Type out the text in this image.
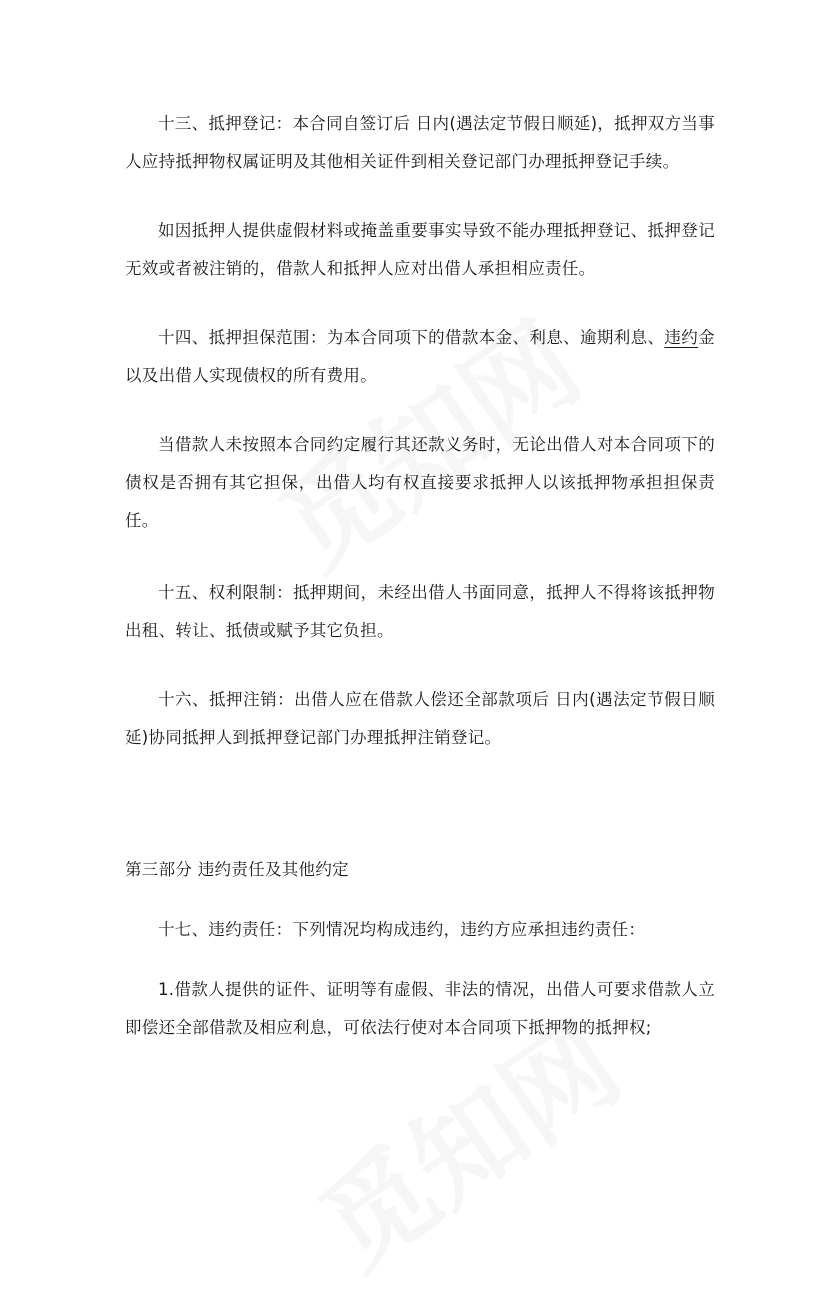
十三、抵押登记：本合同自签订后 日内(遇法定节假日顺延)，抵押双方当事人应持抵押物权属证明及其他相关证件到相关登记部门办理抵押登记手续。

如因抵押人提供虚假材料或掩盖重要事实导致不能办理抵押登记、抵押登记无效或者被注销的，借款人和抵押人应对出借人承担相应责任。

十四、抵押担保范围：为本合同项下的借款本金、利息、逾期利息、违约金以及出借人实现债权的所有费用。

当借款人未按照本合同约定履行其还款义务时，无论出借人对本合同项下的债权是否拥有其它担保，出借人均有权直接要求抵押人以该抵押物承担担保责任。

十五、权利限制：抵押期间，未经出借人书面同意，抵押人不得将该抵押物出租、转让、抵债或赋予其它负担。

十六、抵押注销：出借人应在借款人偿还全部款项后 日内(遇法定节假日顺延)协同抵押人到抵押登记部门办理抵押注销登记。

第三部分 违约责任及其他约定

十七、违约责任：下列情况均构成违约，违约方应承担违约责任：

1.借款人提供的证件、证明等有虚假、非法的情况，出借人可要求借款人立即偿还全部借款及相应利息，可依法行使对本合同项下抵押物的抵押权;
